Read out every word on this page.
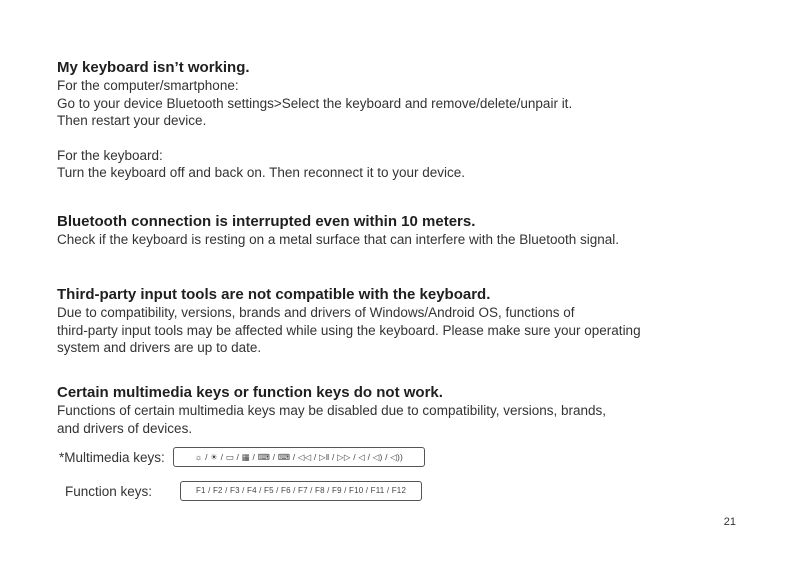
My keyboard isn’t working.

For the computer/smartphone:

Go to your device Bluetooth settings>Select the keyboard and remove/delete/unpair it.

Then restart your device.

For the keyboard:

Turn the keyboard off and back on. Then reconnect it to your device.

Bluetooth connection is interrupted even within 10 meters.

Check if the keyboard is resting on a metal surface that can interfere with the Bluetooth signal.

Third-party input tools are not compatible with the keyboard.

Due to compatibility, versions, brands and drivers of Windows/Android OS, functions of

third-party input tools may be affected while using the keyboard. Please make sure your operating

system and drivers are up to date.

Certain multimedia keys or function keys do not work.

Functions of certain multimedia keys may be disabled due to compatibility, versions, brands,

and drivers of devices.

*Multimedia keys:	☼ / ☀ / ▭ / ▦ / ⌨ / ⌨ / ◁◁ / ▷ǁ / ▷▷ / ◁ / ◁) / ◁))
Function keys:	F1 / F2 / F3 / F4 / F5 / F6 / F7 / F8 / F9 / F10 / F11 / F12
21
